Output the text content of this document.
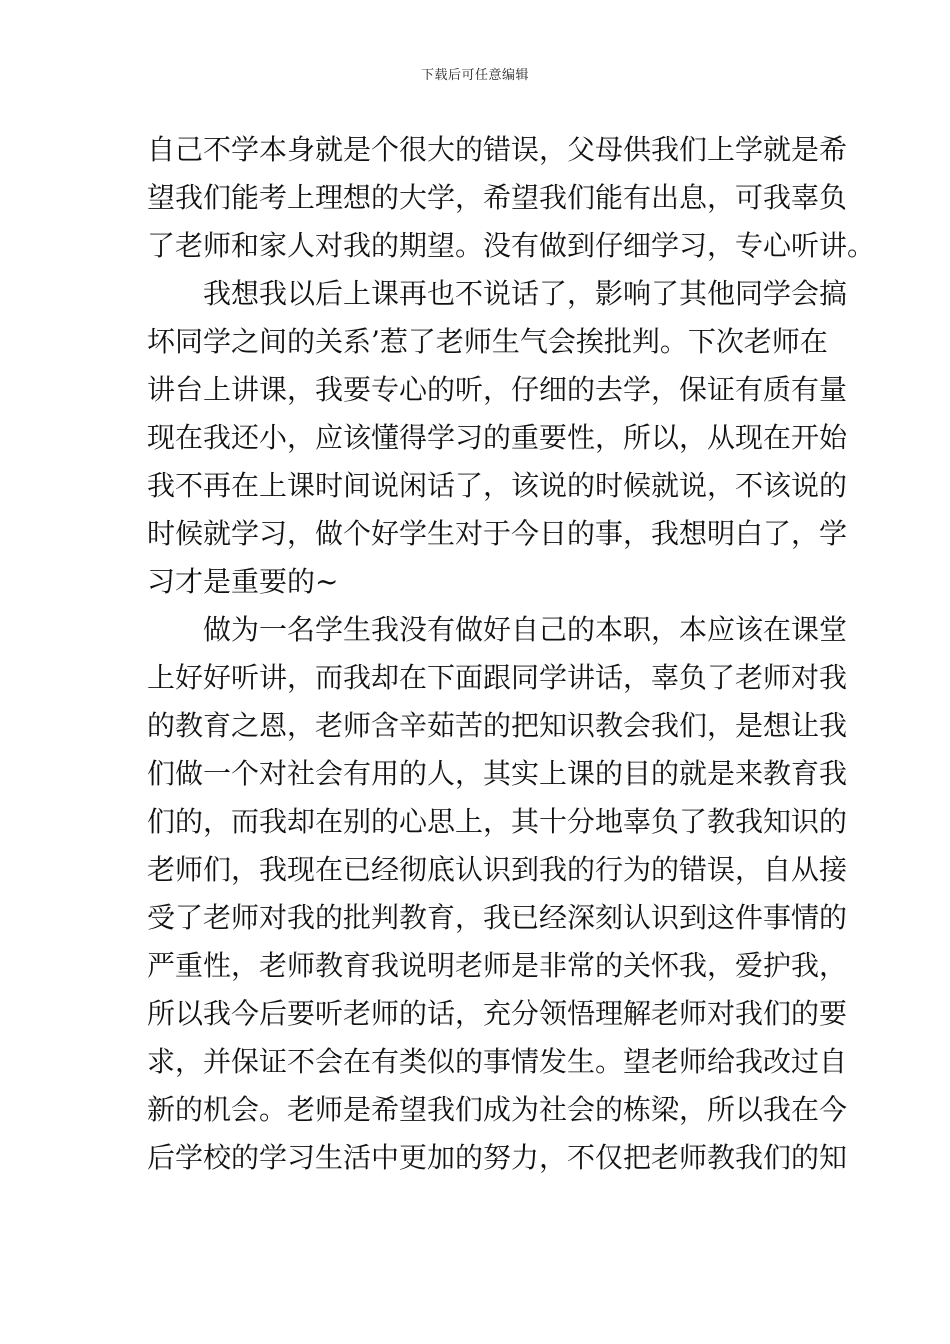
下载后可任意编辑
自己不学本身就是个很大的错误，父母供我们上学就是希
望我们能考上理想的大学，希望我们能有出息，可我辜负
了老师和家人对我的期望。没有做到仔细学习，专心听讲。
我想我以后上课再也不说话了，影响了其他同学会搞
坏同学之间的关系’惹了老师生气会挨批判。下次老师在
讲台上讲课，我要专心的听，仔细的去学，保证有质有量
现在我还小，应该懂得学习的重要性，所以，从现在开始
我不再在上课时间说闲话了，该说的时候就说，不该说的
时候就学习，做个好学生对于今日的事，我想明白了，学
习才是重要的~
做为一名学生我没有做好自己的本职，本应该在课堂
上好好听讲，而我却在下面跟同学讲话，辜负了老师对我
的教育之恩，老师含辛茹苦的把知识教会我们，是想让我
们做一个对社会有用的人，其实上课的目的就是来教育我
们的，而我却在别的心思上，其十分地辜负了教我知识的
老师们，我现在已经彻底认识到我的行为的错误，自从接
受了老师对我的批判教育，我已经深刻认识到这件事情的
严重性，老师教育我说明老师是非常的关怀我，爱护我，
所以我今后要听老师的话，充分领悟理解老师对我们的要
求，并保证不会在有类似的事情发生。望老师给我改过自
新的机会。老师是希望我们成为社会的栋梁，所以我在今
后学校的学习生活中更加的努力，不仅把老师教我们的知
